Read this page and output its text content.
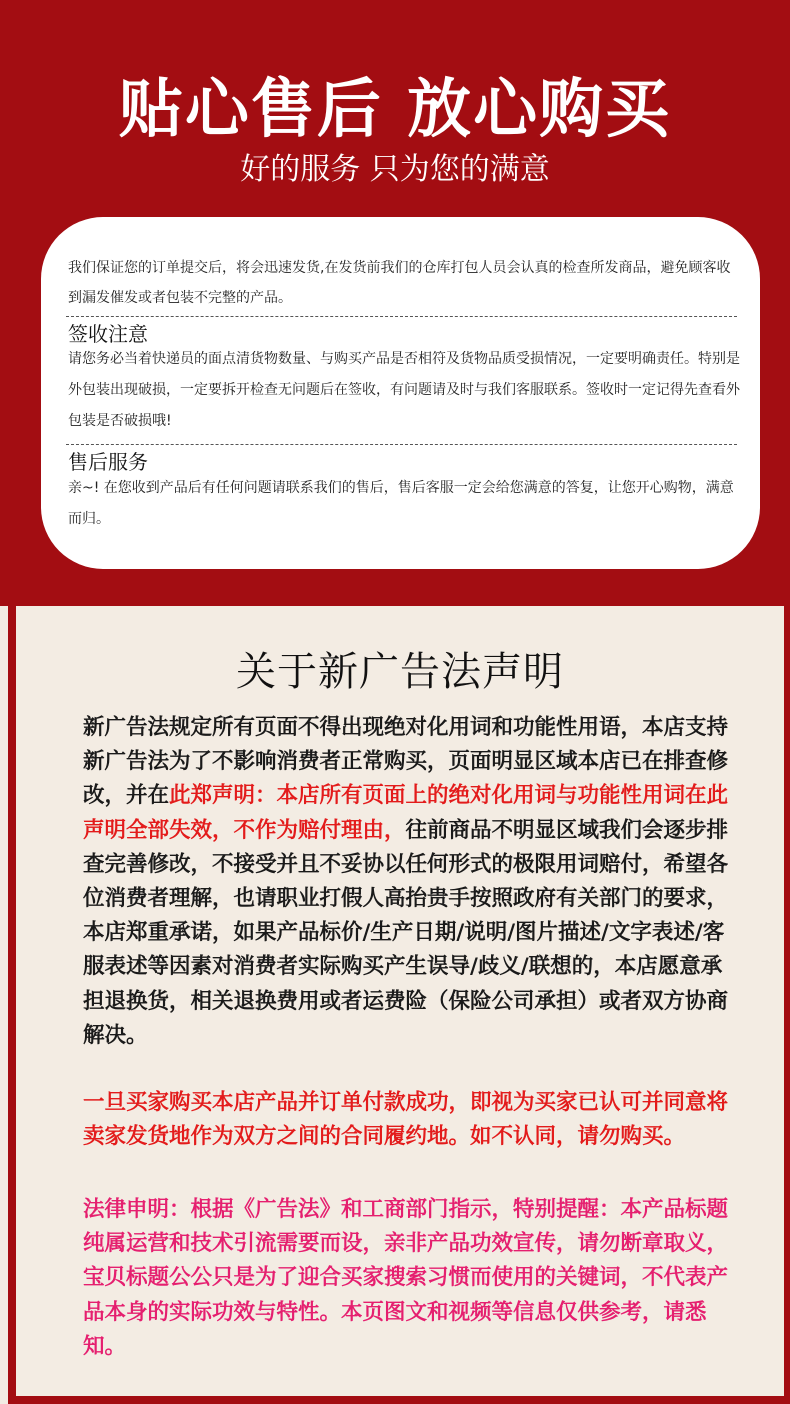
贴心售后 放心购买
好的服务 只为您的满意
我们保证您的订单提交后，将会迅速发货,在发货前我们的仓库打包人员会认真的检查所发商品，避免顾客收到漏发催发或者包装不完整的产品。
签收注意
请您务必当着快递员的面点清货物数量、与购买产品是否相符及货物品质受损情况，一定要明确责任。特别是外包装出现破损，一定要拆开检查无问题后在签收，有问题请及时与我们客服联系。签收时一定记得先查看外包装是否破损哦!
售后服务
亲~! 在您收到产品后有任何问题请联系我们的售后，售后客服一定会给您满意的答复，让您开心购物，满意而归。
关于新广告法声明
新广告法规定所有页面不得出现绝对化用词和功能性用语，本店支持新广告法为了不影响消费者正常购买，页面明显区域本店已在排查修改，并在此郑声明：本店所有页面上的绝对化用词与功能性用词在此声明全部失效，不作为赔付理由，往前商品不明显区域我们会逐步排查完善修改，不接受并且不妥协以任何形式的极限用词赔付，希望各位消费者理解，也请职业打假人高抬贵手按照政府有关部门的要求，本店郑重承诺，如果产品标价/生产日期/说明/图片描述/文字表述/客服表述等因素对消费者实际购买产生误导/歧义/联想的，本店愿意承担退换货，相关退换费用或者运费险（保险公司承担）或者双方协商解决。
一旦买家购买本店产品并订单付款成功，即视为买家已认可并同意将卖家发货地作为双方之间的合同履约地。如不认同，请勿购买。
法律申明：根据《广告法》和工商部门指示，特别提醒：本产品标题纯属运营和技术引流需要而设，亲非产品功效宣传，请勿断章取义，宝贝标题公公只是为了迎合买家搜索习惯而使用的关键词，不代表产品本身的实际功效与特性。本页图文和视频等信息仅供参考，请悉知。
